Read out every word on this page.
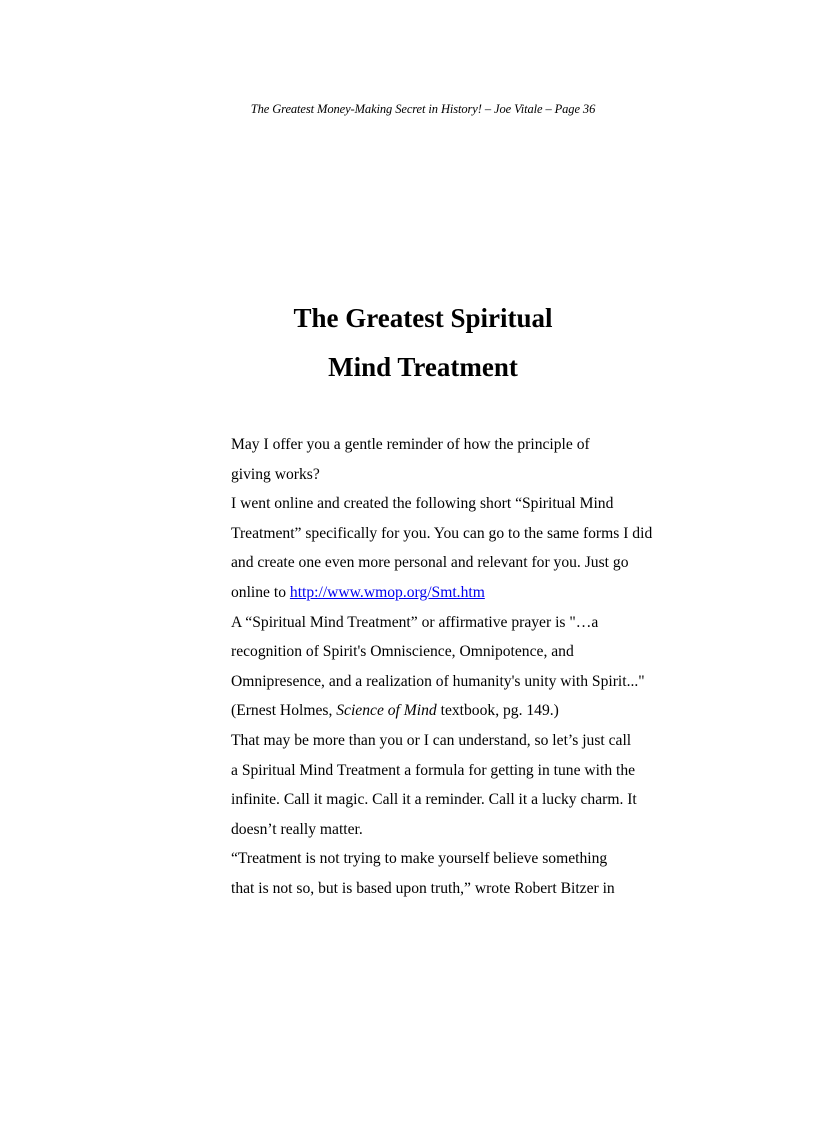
The Greatest Money-Making Secret in History! – Joe Vitale – Page 36
The Greatest Spiritual
Mind Treatment

May I offer you a gentle reminder of how the principle of
giving works?

I went online and created the following short “Spiritual Mind
Treatment” specifically for you. You can go to the same forms I did
and create one even more personal and relevant for you. Just go
online to http://www.wmop.org/Smt.htm

A “Spiritual Mind Treatment” or affirmative prayer is "…a
recognition of Spirit's Omniscience, Omnipotence, and
Omnipresence, and a realization of humanity's unity with Spirit..."
(Ernest Holmes, Science of Mind textbook, pg. 149.)

That may be more than you or I can understand, so let’s just call
a Spiritual Mind Treatment a formula for getting in tune with the
infinite. Call it magic. Call it a reminder. Call it a lucky charm. It
doesn’t really matter.

“Treatment is not trying to make yourself believe something
that is not so, but is based upon truth,” wrote Robert Bitzer in
